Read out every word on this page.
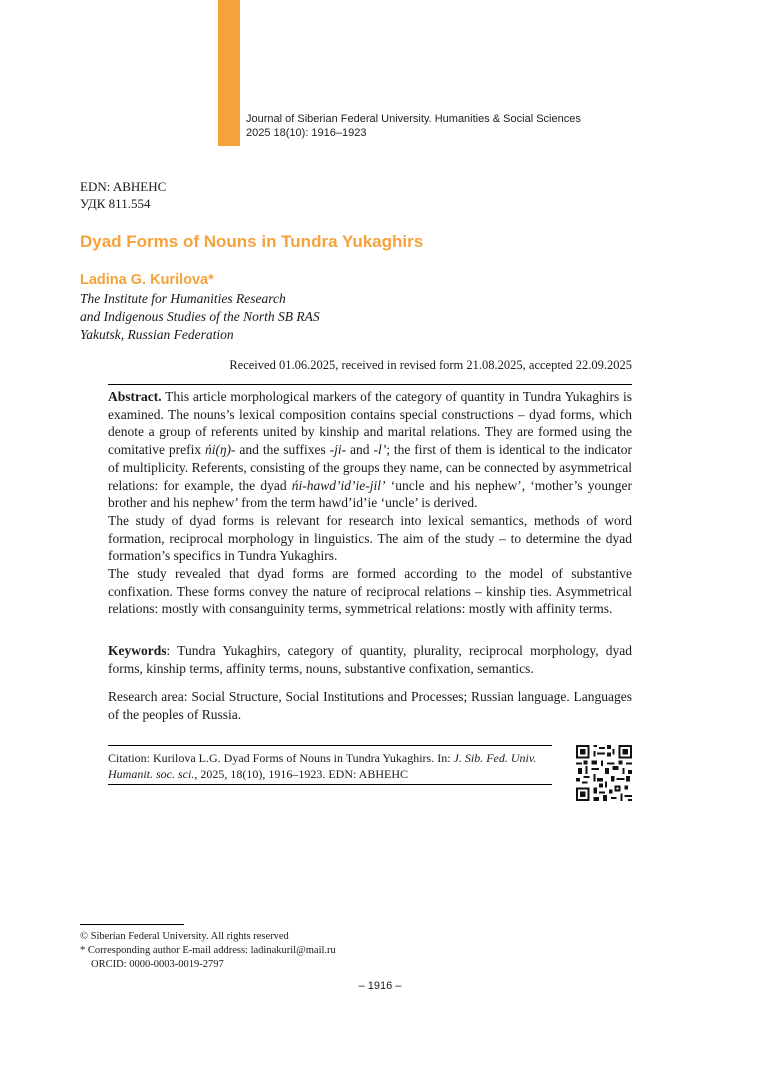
Journal of Siberian Federal University. Humanities & Social Sciences
2025 18(10): 1916–1923
EDN: ABHEHC
УДК 811.554
Dyad Forms of Nouns in Tundra Yukaghirs
Ladina G. Kurilova*
The Institute for Humanities Research
and Indigenous Studies of the North SB RAS
Yakutsk, Russian Federation
Received 01.06.2025, received in revised form 21.08.2025, accepted 22.09.2025

Abstract. This article morphological markers of the category of quantity in Tundra Yukaghirs is examined. The nouns’s lexical composition contains special constructions – dyad forms, which denote a group of referents united by kinship and marital relations. They are formed using the comitative prefix ńi(ŋ)- and the suffixes -ji- and -l’; the first of them is identical to the indicator of multiplicity. Referents, consisting of the groups they name, can be connected by asymmetrical relations: for example, the dyad ńi-hawd’id’ie-jil’ ‘uncle and his nephew’, ‘mother’s younger brother and his nephew’ from the term hawd’id’ie ‘uncle’ is derived.

The study of dyad forms is relevant for research into lexical semantics, methods of word formation, reciprocal morphology in linguistics. The aim of the study – to determine the dyad formation’s specifics in Tundra Yukaghirs.

The study revealed that dyad forms are formed according to the model of substantive confixation. These forms convey the nature of reciprocal relations – kinship ties. Asymmetrical relations: mostly with consanguinity terms, symmetrical relations: mostly with affinity terms.

Keywords: Tundra Yukaghirs, category of quantity, plurality, reciprocal morphology, dyad forms, kinship terms, affinity terms, nouns, substantive confixation, semantics.
Research area: Social Structure, Social Institutions and Processes; Russian language. Languages of the peoples of Russia.
Citation: Kurilova L.G. Dyad Forms of Nouns in Tundra Yukaghirs. In: J. Sib. Fed. Univ. Humanit. soc. sci., 2025, 18(10), 1916–1923. EDN: ABHEHC
© Siberian Federal University. All rights reserved
* Corresponding author E-mail address: ladinakuril@mail.ru
ORCID: 0000-0003-0019-2797
– 1916 –
